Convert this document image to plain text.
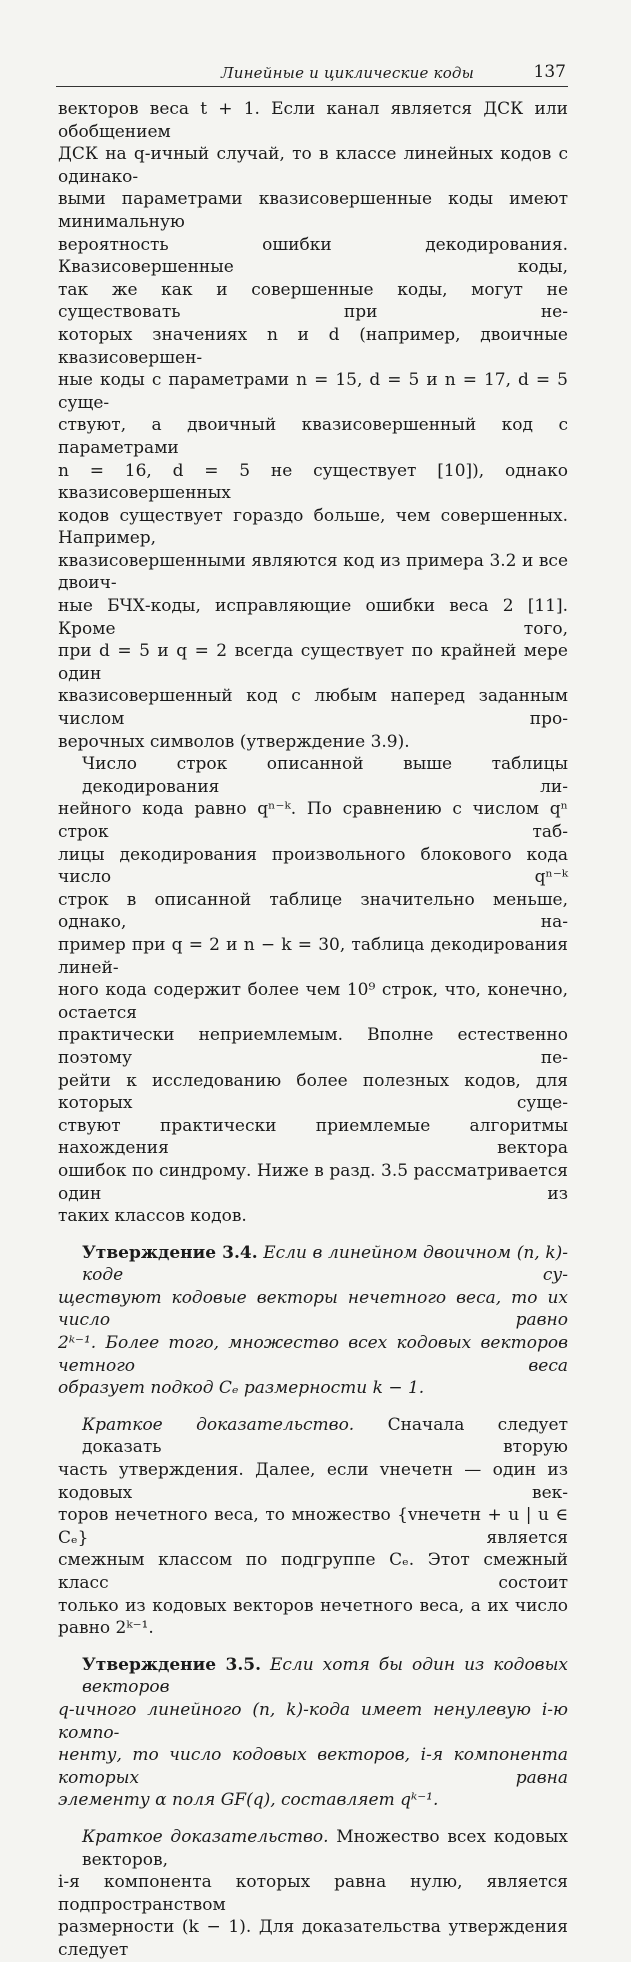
Линейные и циклические коды	137

векторов веса t + 1. Если канал является ДСК или обобщением
ДСК на q-ичный случай, то в классе линейных кодов с одинако-
выми параметрами квазисовершенные коды имеют минимальную
вероятность ошибки декодирования. Квазисовершенные коды,
так же как и совершенные коды, могут не существовать при не-
которых значениях n и d (например, двоичные квазисовершен-
ные коды с параметрами n = 15, d = 5 и n = 17, d = 5 суще-
ствуют, а двоичный квазисовершенный код с параметрами
n = 16, d = 5 не существует [10]), однако квазисовершенных
кодов существует гораздо больше, чем совершенных. Например,
квазисовершенными являются код из примера 3.2 и все двоич-
ные БЧХ-коды, исправляющие ошибки веса 2 [11]. Кроме того,
при d = 5 и q = 2 всегда существует по крайней мере один
квазисовершенный код с любым наперед заданным числом про-
верочных символов (утверждение 3.9).

Число строк описанной выше таблицы декодирования ли-
нейного кода равно qⁿ⁻ᵏ. По сравнению с числом qⁿ строк таб-
лицы декодирования произвольного блокового кода число qⁿ⁻ᵏ
строк в описанной таблице значительно меньше, однако, на-
пример при q = 2 и n − k = 30, таблица декодирования линей-
ного кода содержит более чем 10⁹ строк, что, конечно, остается
практически неприемлемым. Вполне естественно поэтому пе-
рейти к исследованию более полезных кодов, для которых суще-
ствуют практически приемлемые алгоритмы нахождения вектора
ошибок по синдрому. Ниже в разд. 3.5 рассматривается один из
таких классов кодов.

Утверждение 3.4. Если в линейном двоичном (n, k)-коде су-
ществуют кодовые векторы нечетного веса, то их число равно
2ᵏ⁻¹. Более того, множество всех кодовых векторов четного веса
образует подкод Cₑ размерности k − 1.

Краткое доказательство. Сначала следует доказать вторую
часть утверждения. Далее, если vнечетн — один из кодовых век-
торов нечетного веса, то множество {vнечетн + u | u ∈ Cₑ} является
смежным классом по подгруппе Cₑ. Этот смежный класс состоит
только из кодовых векторов нечетного веса, а их число
равно 2ᵏ⁻¹.

Утверждение 3.5. Если хотя бы один из кодовых векторов
q-ичного линейного (n, k)-кода имеет ненулевую i-ю компо-
ненту, то число кодовых векторов, i-я компонента которых равна
элементу α поля GF(q), составляет qᵏ⁻¹.

Краткое доказательство. Множество всех кодовых векторов,
i-я компонента которых равна нулю, является подпространством
размерности (k − 1). Для доказательства утверждения следует
